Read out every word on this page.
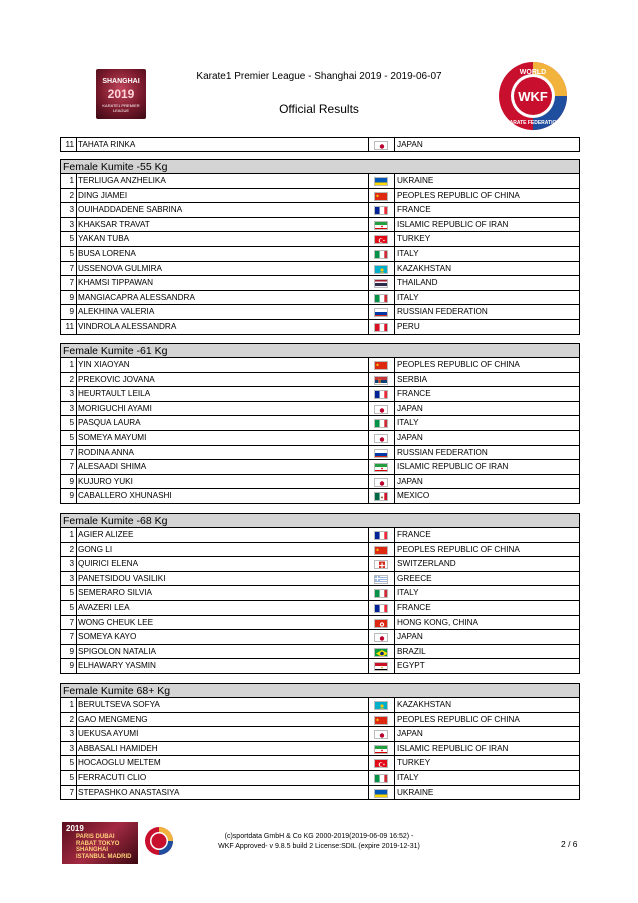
SHANGHAI
2019
KARATE1 PREMIER LEAGUE
Karate1 Premier League - Shanghai 2019 - 2019-06-07
Official Results
WORLD
WKF
KARATE FEDERATION
11 TAHATA RINKA	JAPAN
Female Kumite -55 Kg
1 TERLIUGA ANZHELIKA	UKRAINE
2 DING JIAMEI	PEOPLES REPUBLIC OF CHINA
3 OUIHADDADENE SABRINA	FRANCE
3 KHAKSAR TRAVAT	ISLAMIC REPUBLIC OF IRAN
5 YAKAN TUBA	TURKEY
5 BUSA LORENA	ITALY
7 USSENOVA GULMIRA	KAZAKHSTAN
7 KHAMSI TIPPAWAN	THAILAND
9 MANGIACAPRA ALESSANDRA	ITALY
9 ALEKHINA VALERIA	RUSSIAN FEDERATION
11 VINDROLA ALESSANDRA	PERU
Female Kumite -61 Kg
1 YIN XIAOYAN	PEOPLES REPUBLIC OF CHINA
2 PREKOVIC JOVANA	SERBIA
3 HEURTAULT LEILA	FRANCE
3 MORIGUCHI AYAMI	JAPAN
5 PASQUA LAURA	ITALY
5 SOMEYA MAYUMI	JAPAN
7 RODINA ANNA	RUSSIAN FEDERATION
7 ALESAADI SHIMA	ISLAMIC REPUBLIC OF IRAN
9 KUJURO YUKI	JAPAN
9 CABALLERO XHUNASHI	MEXICO
Female Kumite -68 Kg
1 AGIER ALIZEE	FRANCE
2 GONG LI	PEOPLES REPUBLIC OF CHINA
3 QUIRICI ELENA	SWITZERLAND
3 PANETSIDOU VASILIKI	GREECE
5 SEMERARO SILVIA	ITALY
5 AVAZERI LEA	FRANCE
7 WONG CHEUK LEE	HONG KONG, CHINA
7 SOMEYA KAYO	JAPAN
9 SPIGOLON NATALIA	BRAZIL
9 ELHAWARY YASMIN	EGYPT
Female Kumite 68+ Kg
1 BERULTSEVA SOFYA	KAZAKHSTAN
2 GAO MENGMENG	PEOPLES REPUBLIC OF CHINA
3 UEKUSA AYUMI	JAPAN
3 ABBASALI HAMIDEH	ISLAMIC REPUBLIC OF IRAN
5 HOCAOGLU MELTEM	TURKEY
5 FERRACUTI CLIO	ITALY
7 STEPASHKO ANASTASIYA	UKRAINE
2019
PARIS DUBAI RABAT TOKYO SHANGHAI ISTANBUL MADRID
(c)sportdata GmbH & Co KG 2000-2019(2019-06-09 16:52) -
WKF Approved- v 9.8.5 build 2 License:SDIL (expire 2019-12-31)	2 / 6
